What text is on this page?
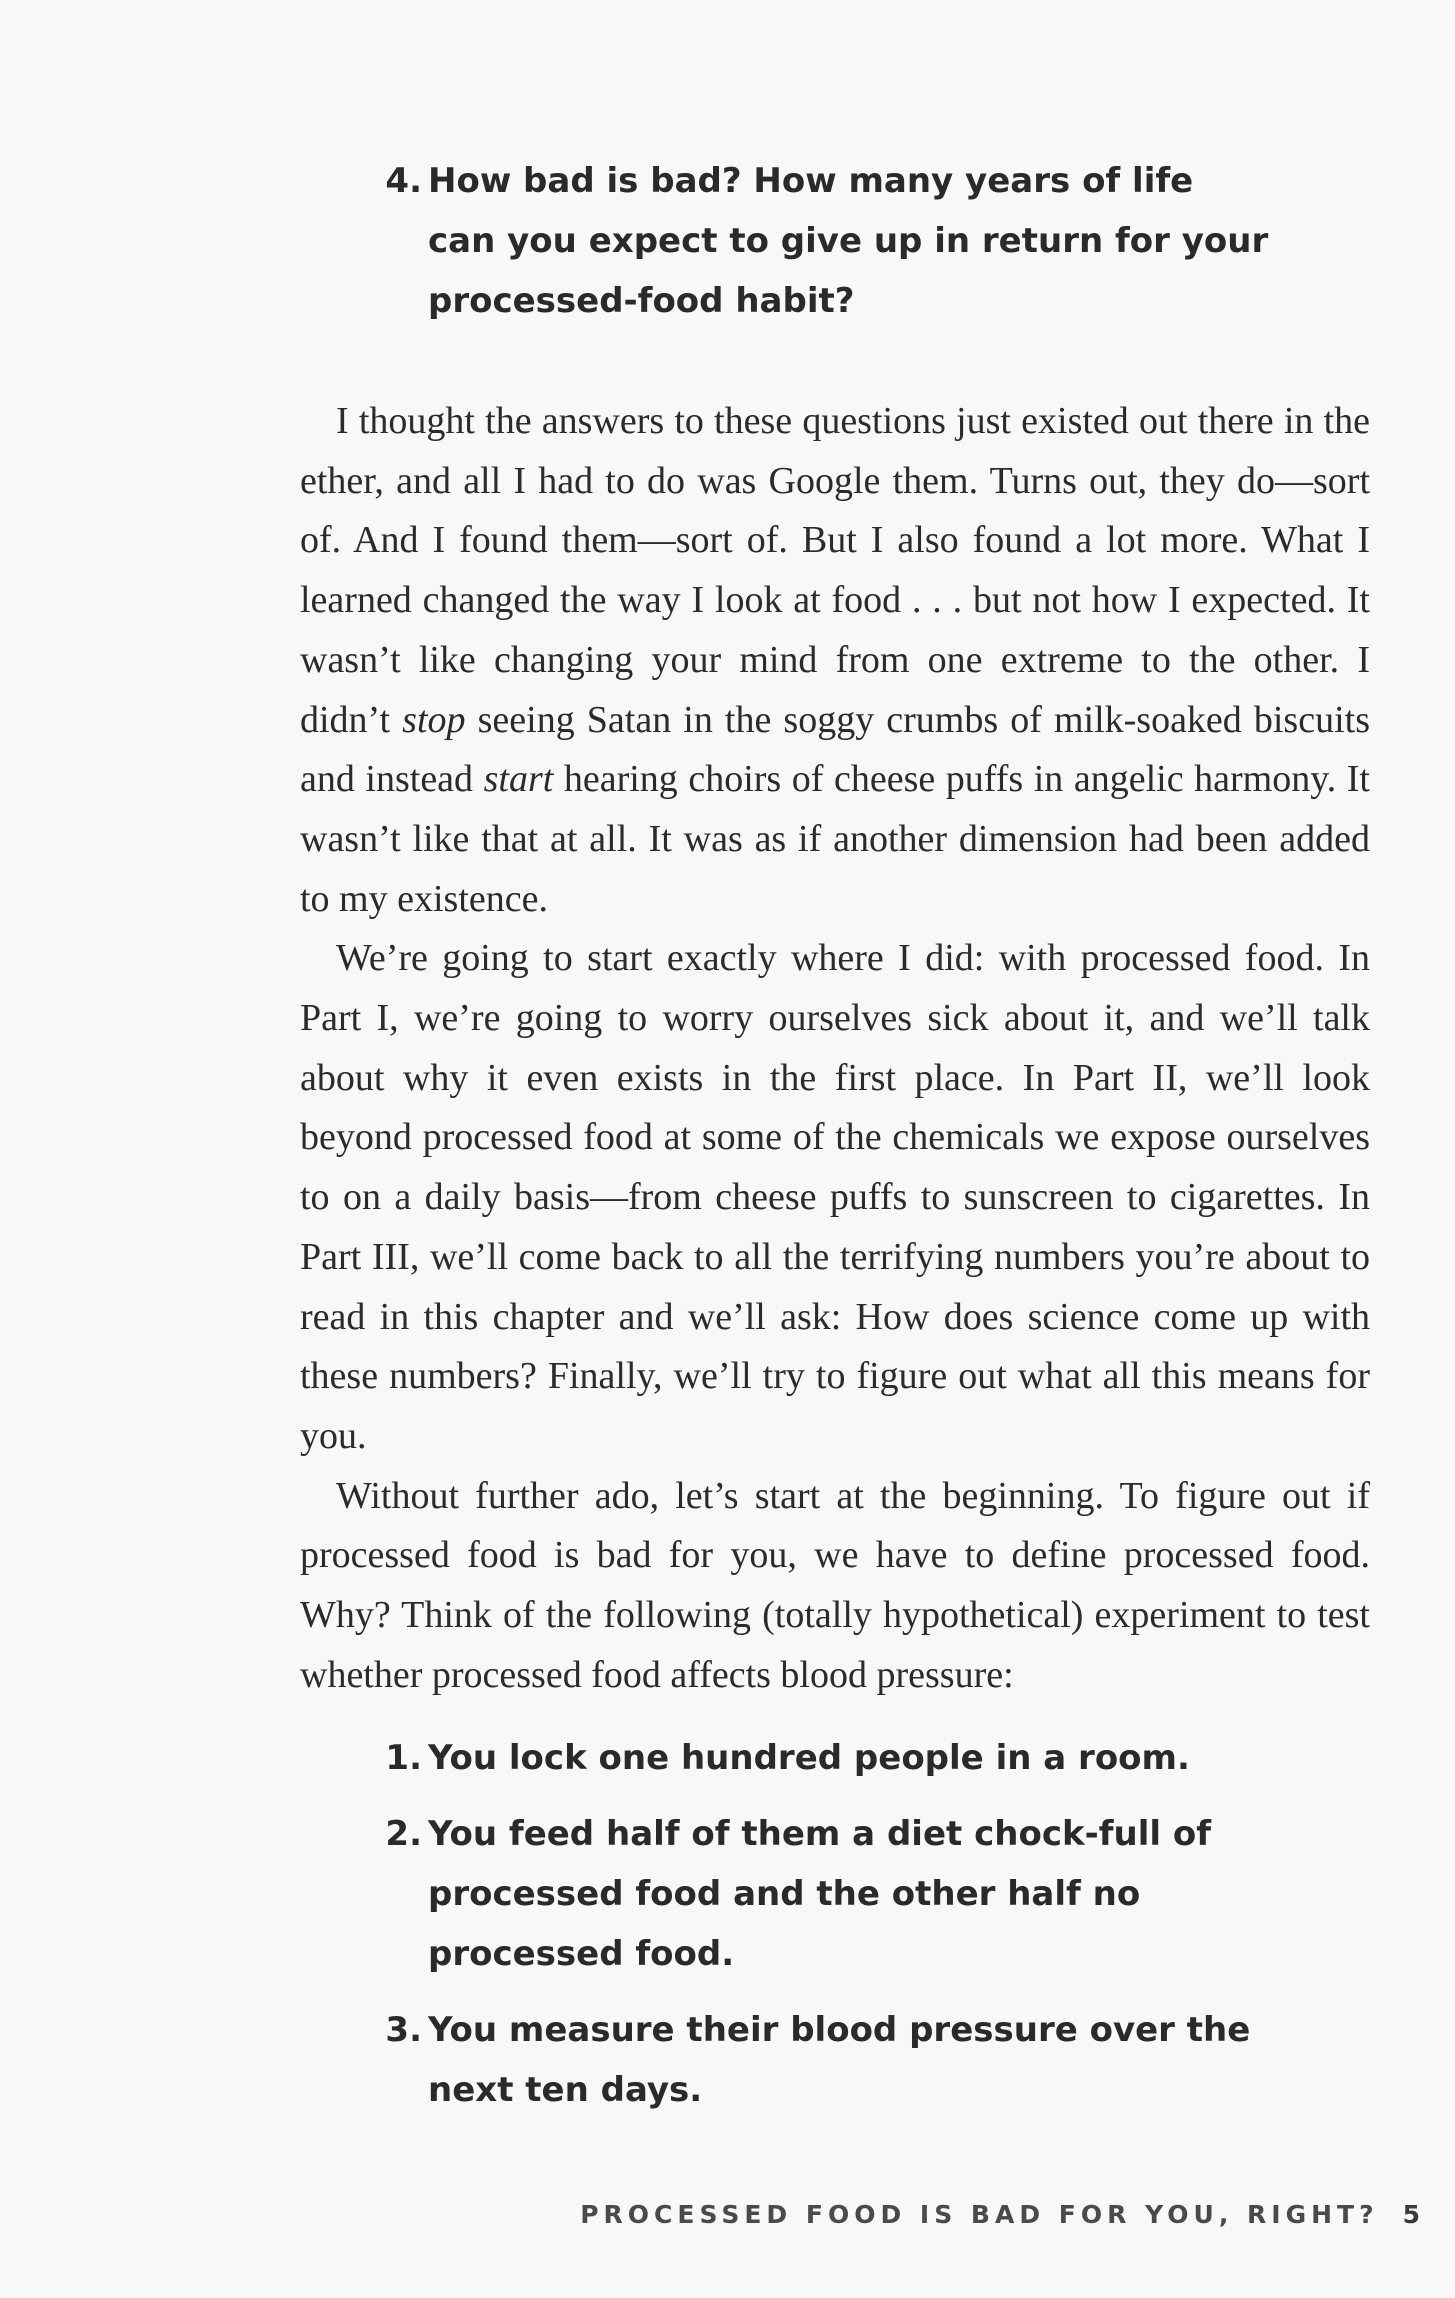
4 . How bad is bad? How many years of life can you expect to give up in return for your processed-food habit?

I thought the answers to these questions just existed out there in the ether, and all I had to do was Google them. Turns out, they do—sort of. And I found them—sort of. But I also found a lot more. What I learned changed the way I look at food . . . but not how I expected. It wasn’t like changing your mind from one extreme to the other. I didn’t stop seeing Satan in the soggy crumbs of milk-soaked biscuits and instead start hearing choirs of cheese puffs in angelic harmony. It wasn’t like that at all. It was as if another dimension had been added to my existence.

We’re going to start exactly where I did: with processed food. In Part I, we’re going to worry ourselves sick about it, and we’ll talk about why it even exists in the first place. In Part II, we’ll look beyond processed food at some of the chemicals we expose ourselves to on a daily basis—from cheese puffs to sunscreen to cigarettes. In Part III, we’ll come back to all the terrifying numbers you’re about to read in this chapter and we’ll ask: How does science come up with these numbers? Finally, we’ll try to figure out what all this means for you.

Without further ado, let’s start at the beginning. To figure out if processed food is bad for you, we have to define processed food. Why? Think of the following (totally hypothetical) experiment to test whether processed food affects blood pressure:

1 . You lock one hundred people in a room.
2 . You feed half of them a diet chock-full of processed food and the other half no processed food.
3 . You measure their blood pressure over the next ten days.
PROCESSED FOOD IS BAD FOR YOU, RIGHT? 5
